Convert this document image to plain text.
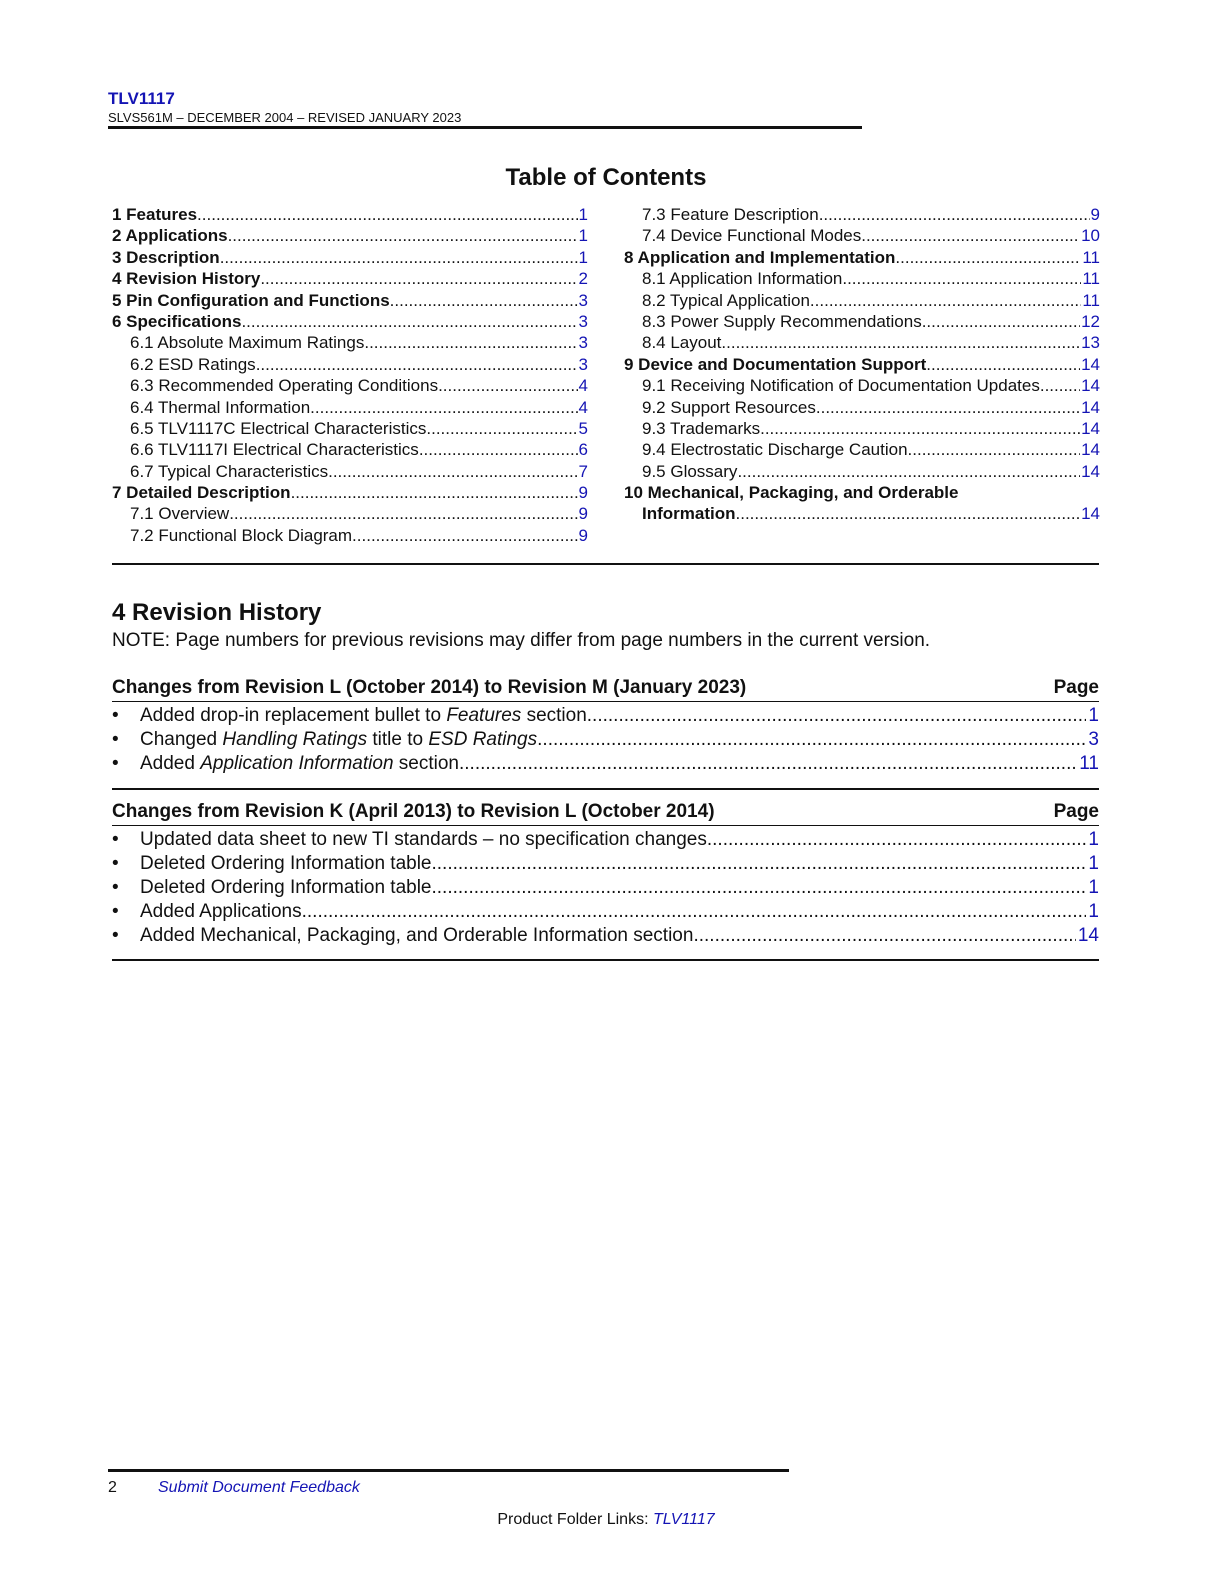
TLV1117
SLVS561M – DECEMBER 2004 – REVISED JANUARY 2023
Table of Contents
1 Features .....	1
2 Applications .....	1
3 Description .....	1
4 Revision History .....	2
5 Pin Configuration and Functions .....	3
6 Specifications .....	3
6.1 Absolute Maximum Ratings .....	3
6.2 ESD Ratings .....	3
6.3 Recommended Operating Conditions .....	4
6.4 Thermal Information .....	4
6.5 TLV1117C Electrical Characteristics .....	5
6.6 TLV1117I Electrical Characteristics .....	6
6.7 Typical Characteristics .....	7
7 Detailed Description .....	9
7.1 Overview .....	9
7.2 Functional Block Diagram .....	9
7.3 Feature Description .....	9
7.4 Device Functional Modes .....	10
8 Application and Implementation .....	11
8.1 Application Information .....	11
8.2 Typical Application .....	11
8.3 Power Supply Recommendations .....	12
8.4 Layout .....	13
9 Device and Documentation Support .....	14
9.1 Receiving Notification of Documentation Updates ..... 14
9.2 Support Resources .....	14
9.3 Trademarks .....	14
9.4 Electrostatic Discharge Caution .....	14
9.5 Glossary .....	14
10 Mechanical, Packaging, and Orderable
Information .....	14
4 Revision History
NOTE: Page numbers for previous revisions may differ from page numbers in the current version.
Changes from Revision L (October 2014) to Revision M (January 2023)	Page
•	Added drop-in replacement bullet to Features section .....	1
•	Changed Handling Ratings title to ESD Ratings .....	3
•	Added Application Information section .....	11
Changes from Revision K (April 2013) to Revision L (October 2014)	Page
•	Updated data sheet to new TI standards – no specification changes. .....	1
•	Deleted Ordering Information table. .....	1
•	Deleted Ordering Information table. .....	1
•	Added Applications .....	1
•	Added Mechanical, Packaging, and Orderable Information section .....	14
2	Submit Document Feedback
Product Folder Links: TLV1117
